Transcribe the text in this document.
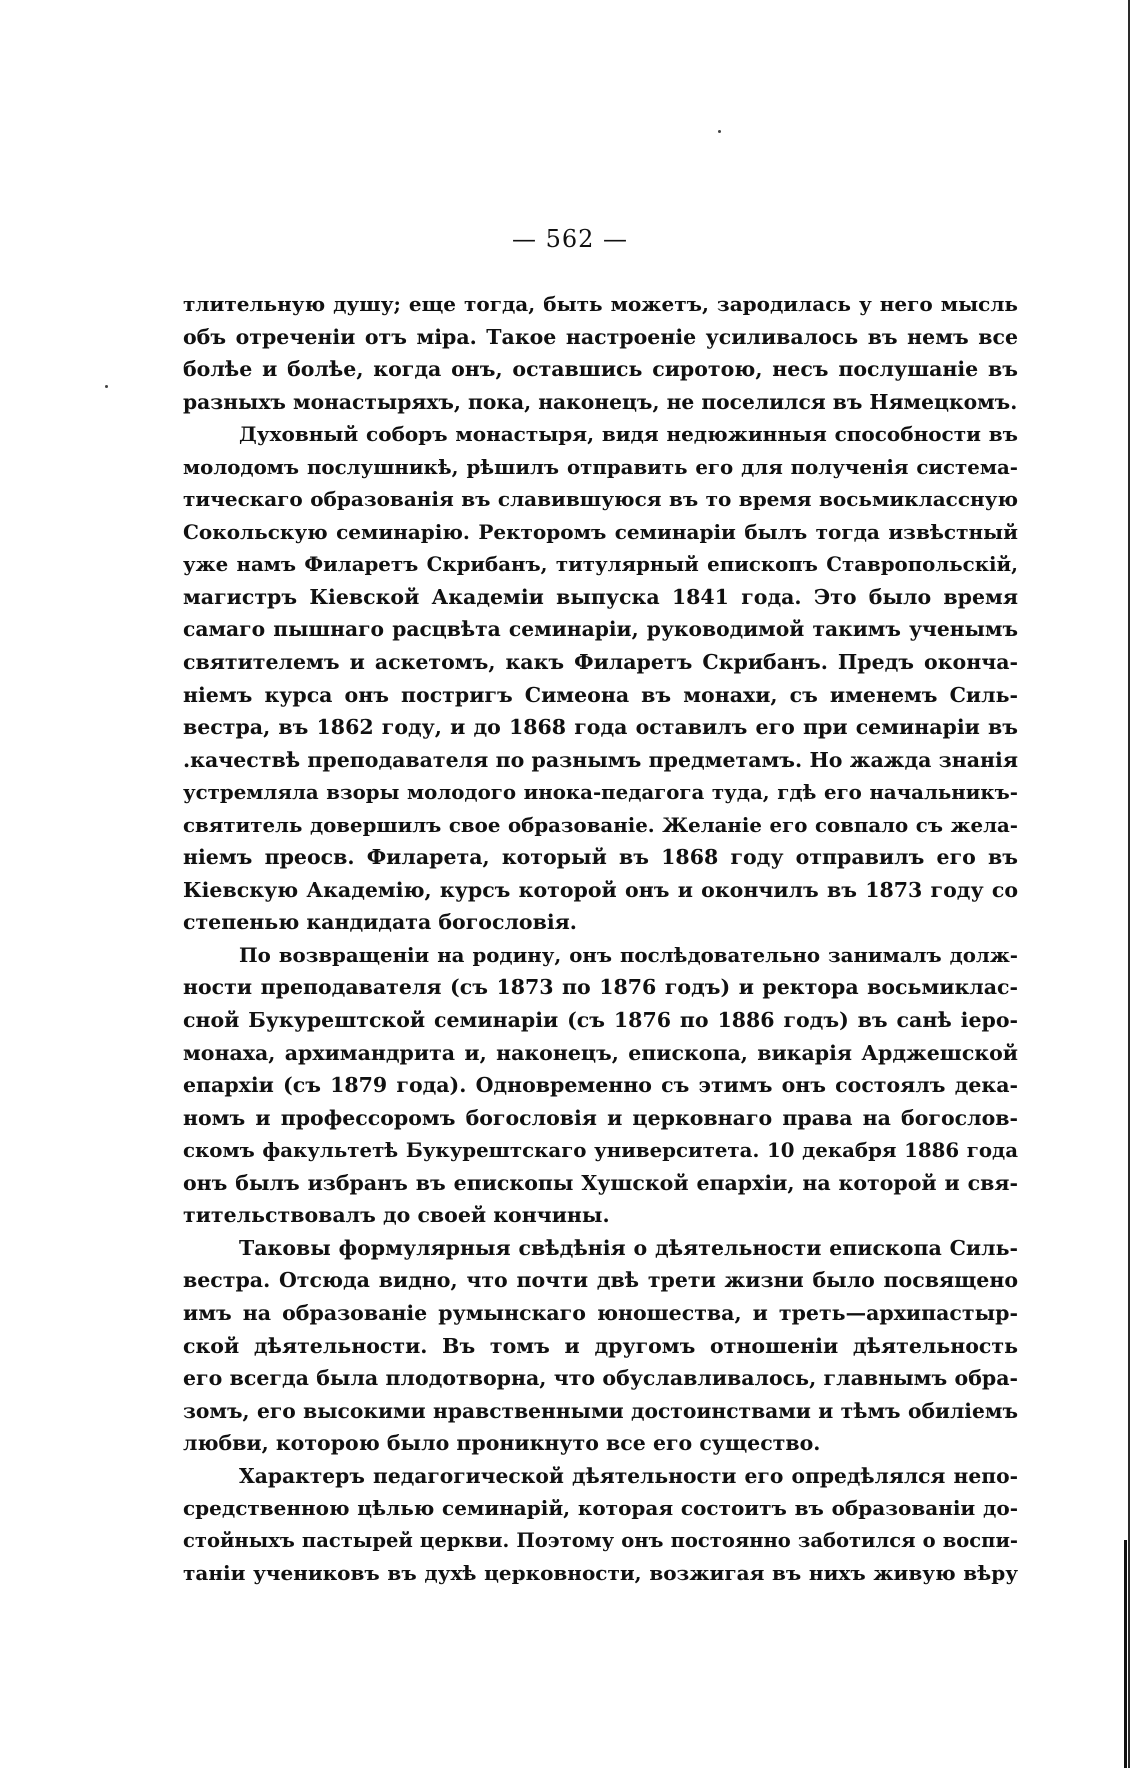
— 562 —
тлительную душу; еще тогда, быть можетъ, зародилась у него мысль
объ отреченіи отъ міра. Такое настроеніе усиливалось въ немъ все
болѣе и болѣе, когда онъ, оставшись сиротою, несъ послушаніе въ
разныхъ монастыряхъ, пока, наконецъ, не поселился въ Нямецкомъ.
Духовный соборъ монастыря, видя недюжинныя способности въ
молодомъ послушникѣ, рѣшилъ отправить его для полученія система-
тическаго образованія въ славившуюся въ то время восьмиклассную
Сокольскую семинарію. Ректоромъ семинаріи былъ тогда извѣстный
уже намъ Филаретъ Скрибанъ, титулярный епископъ Ставропольскій,
магистръ Кіевской Академіи выпуска 1841 года. Это было время
самаго пышнаго расцвѣта семинаріи, руководимой такимъ ученымъ
святителемъ и аскетомъ, какъ Филаретъ Скрибанъ. Предъ оконча-
ніемъ курса онъ постригъ Симеона въ монахи, съ именемъ Силь-
вестра, въ 1862 году, и до 1868 года оставилъ его при семинаріи въ
.качествѣ преподавателя по разнымъ предметамъ. Но жажда знанія
устремляла взоры молодого инока-педагога туда, гдѣ его начальникъ-
святитель довершилъ свое образованіе. Желаніе его совпало съ жела-
ніемъ преосв. Филарета, который въ 1868 году отправилъ его въ
Кіевскую Академію, курсъ которой онъ и окончилъ въ 1873 году со
степенью кандидата богословія.
По возвращеніи на родину, онъ послѣдовательно занималъ долж-
ности преподавателя (съ 1873 по 1876 годъ) и ректора восьмиклас-
сной Букурештской семинаріи (съ 1876 по 1886 годъ) въ санѣ іеро-
монаха, архимандрита и, наконецъ, епископа, викарія Арджешской
епархіи (съ 1879 года). Одновременно съ этимъ онъ состоялъ дека-
номъ и профессоромъ богословія и церковнаго права на богослов-
скомъ факультетѣ Букурештскаго университета. 10 декабря 1886 года
онъ былъ избранъ въ епископы Хушской епархіи, на которой и свя-
тительствовалъ до своей кончины.
Таковы формулярныя свѣдѣнія о дѣятельности епископа Силь-
вестра. Отсюда видно, что почти двѣ трети жизни было посвящено
имъ на образованіе румынскаго юношества, и треть—архипастыр-
ской дѣятельности. Въ томъ и другомъ отношеніи дѣятельность
его всегда была плодотворна, что обуславливалось, главнымъ обра-
зомъ, его высокими нравственными достоинствами и тѣмъ обиліемъ
любви, которою было проникнуто все его существо.
Характеръ педагогической дѣятельности его опредѣлялся непо-
средственною цѣлью семинарій, которая состоитъ въ образованіи до-
стойныхъ пастырей церкви. Поэтому онъ постоянно заботился о воспи-
таніи учениковъ въ духѣ церковности, возжигая въ нихъ живую вѣру
